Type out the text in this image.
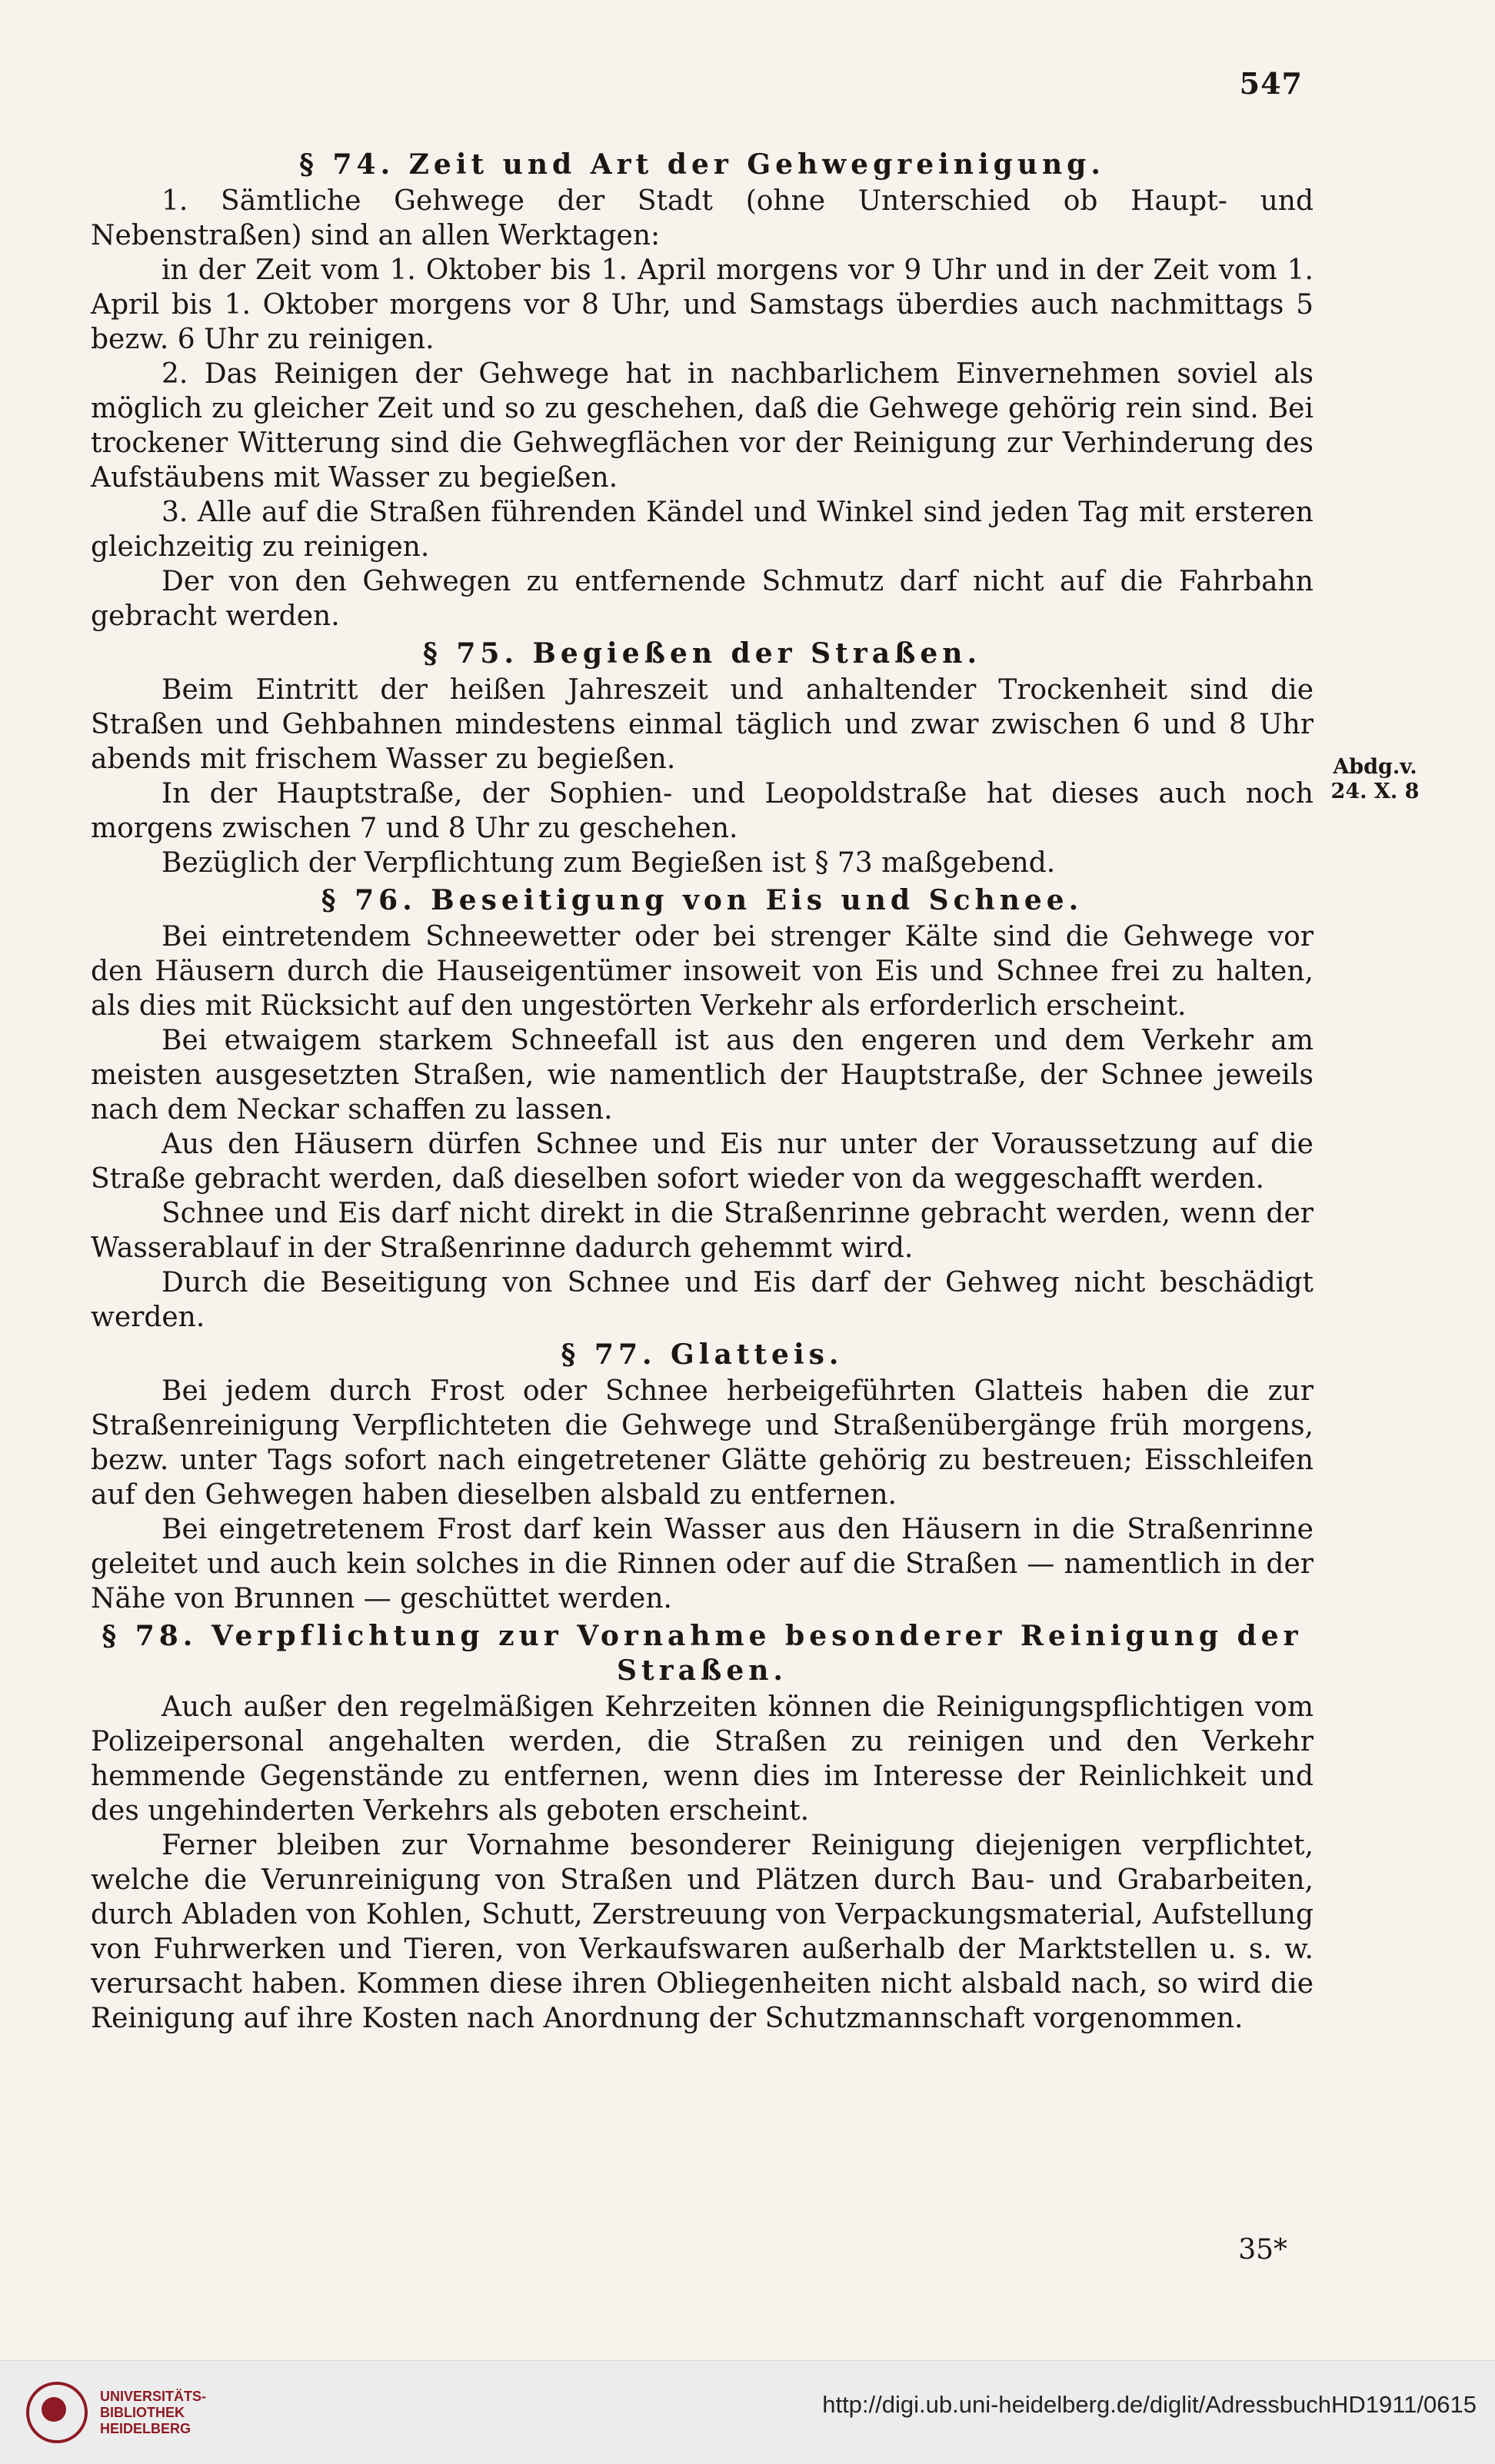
547
§ 74. Zeit und Art der Gehwegreinigung.

1. Sämtliche Gehwege der Stadt (ohne Unterschied ob Haupt- und Nebenstraßen) sind an allen Werktagen:

in der Zeit vom 1. Oktober bis 1. April morgens vor 9 Uhr und in der Zeit vom 1. April bis 1. Oktober morgens vor 8 Uhr, und Samstags überdies auch nachmittags 5 bezw. 6 Uhr zu reinigen.

2. Das Reinigen der Gehwege hat in nachbarlichem Einvernehmen soviel als möglich zu gleicher Zeit und so zu geschehen, daß die Gehwege gehörig rein sind. Bei trockener Witterung sind die Gehwegflächen vor der Reinigung zur Verhinderung des Aufstäubens mit Wasser zu begießen.

3. Alle auf die Straßen führenden Kändel und Winkel sind jeden Tag mit ersteren gleichzeitig zu reinigen.

Der von den Gehwegen zu entfernende Schmutz darf nicht auf die Fahrbahn gebracht werden.

§ 75. Begießen der Straßen.

Beim Eintritt der heißen Jahreszeit und anhaltender Trockenheit sind die Straßen und Gehbahnen mindestens einmal täglich und zwar zwischen 6 und 8 Uhr abends mit frischem Wasser zu begießen.

In der Hauptstraße, der Sophien- und Leopoldstraße hat dieses auch noch morgens zwischen 7 und 8 Uhr zu geschehen.

Bezüglich der Verpflichtung zum Begießen ist § 73 maßgebend.

§ 76. Beseitigung von Eis und Schnee.

Bei eintretendem Schneewetter oder bei strenger Kälte sind die Gehwege vor den Häusern durch die Hauseigentümer insoweit von Eis und Schnee frei zu halten, als dies mit Rücksicht auf den ungestörten Verkehr als erforderlich erscheint.

Bei etwaigem starkem Schneefall ist aus den engeren und dem Verkehr am meisten ausgesetzten Straßen, wie namentlich der Hauptstraße, der Schnee jeweils nach dem Neckar schaffen zu lassen.

Aus den Häusern dürfen Schnee und Eis nur unter der Voraussetzung auf die Straße gebracht werden, daß dieselben sofort wieder von da weggeschafft werden.

Schnee und Eis darf nicht direkt in die Straßenrinne gebracht werden, wenn der Wasserablauf in der Straßenrinne dadurch gehemmt wird.

Durch die Beseitigung von Schnee und Eis darf der Gehweg nicht beschädigt werden.

§ 77. Glatteis.

Bei jedem durch Frost oder Schnee herbeigeführten Glatteis haben die zur Straßenreinigung Verpflichteten die Gehwege und Straßenübergänge früh morgens, bezw. unter Tags sofort nach eingetretener Glätte gehörig zu bestreuen; Eisschleifen auf den Gehwegen haben dieselben alsbald zu entfernen.

Bei eingetretenem Frost darf kein Wasser aus den Häusern in die Straßenrinne geleitet und auch kein solches in die Rinnen oder auf die Straßen — namentlich in der Nähe von Brunnen — geschüttet werden.

§ 78. Verpflichtung zur Vornahme besonderer Reinigung der Straßen.

Auch außer den regelmäßigen Kehrzeiten können die Reinigungspflichtigen vom Polizeipersonal angehalten werden, die Straßen zu reinigen und den Verkehr hemmende Gegenstände zu entfernen, wenn dies im Interesse der Reinlichkeit und des ungehinderten Verkehrs als geboten erscheint.

Ferner bleiben zur Vornahme besonderer Reinigung diejenigen verpflichtet, welche die Verunreinigung von Straßen und Plätzen durch Bau- und Grabarbeiten, durch Abladen von Kohlen, Schutt, Zerstreuung von Verpackungsmaterial, Aufstellung von Fuhrwerken und Tieren, von Verkaufswaren außerhalb der Marktstellen u. s. w. verursacht haben. Kommen diese ihren Obliegenheiten nicht alsbald nach, so wird die Reinigung auf ihre Kosten nach Anordnung der Schutzmannschaft vorgenommen.

Abdg.v.
24. X. 8
35*
UNIVERSITÄTS-
BIBLIOTHEK
HEIDELBERG
http://digi.ub.uni-heidelberg.de/diglit/AdressbuchHD1911/0615
